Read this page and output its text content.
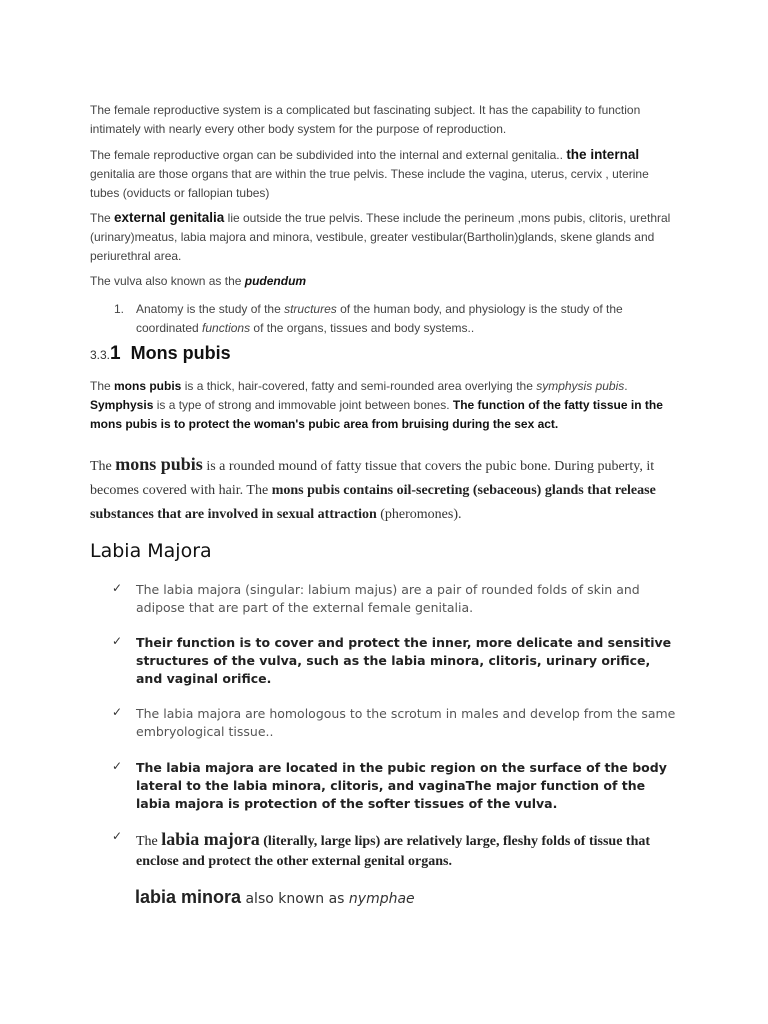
The female reproductive system is a complicated but fascinating subject. It has the capability to function intimately with nearly every other body system for the purpose of reproduction.
The female reproductive organ can be subdivided into the internal and external genitalia.. the internal genitalia are those organs that are within the true pelvis. These include the vagina, uterus, cervix , uterine tubes (oviducts or fallopian tubes)
The external genitalia lie outside the true pelvis. These include the perineum ,mons pubis, clitoris, urethral (urinary)meatus, labia majora and minora, vestibule, greater vestibular(Bartholin)glands, skene glands and periurethral area.
The vulva also known as the pudendum
1. Anatomy is the study of the structures of the human body, and physiology is the study of the coordinated functions of the organs, tissues and body systems..
3.3.1  Mons pubis
The mons pubis is a thick, hair-covered, fatty and semi-rounded area overlying the symphysis pubis. Symphysis is a type of strong and immovable joint between bones. The function of the fatty tissue in the mons pubis is to protect the woman's pubic area from bruising during the sex act.
The mons pubis is a rounded mound of fatty tissue that covers the pubic bone. During puberty, it becomes covered with hair. The mons pubis contains oil-secreting (sebaceous) glands that release substances that are involved in sexual attraction (pheromones).
Labia Majora
✓ The labia majora (singular: labium majus) are a pair of rounded folds of skin and adipose that are part of the external female genitalia.
✓ Their function is to cover and protect the inner, more delicate and sensitive structures of the vulva, such as the labia minora, clitoris, urinary orifice, and vaginal orifice.
✓ The labia majora are homologous to the scrotum in males and develop from the same embryological tissue..
✓ The labia majora are located in the pubic region on the surface of the body lateral to the labia minora, clitoris, and vaginaThe major function of the labia majora is protection of the softer tissues of the vulva.
✓ The labia majora (literally, large lips) are relatively large, fleshy folds of tissue that enclose and protect the other external genital organs.
labia minora also known as nymphae
